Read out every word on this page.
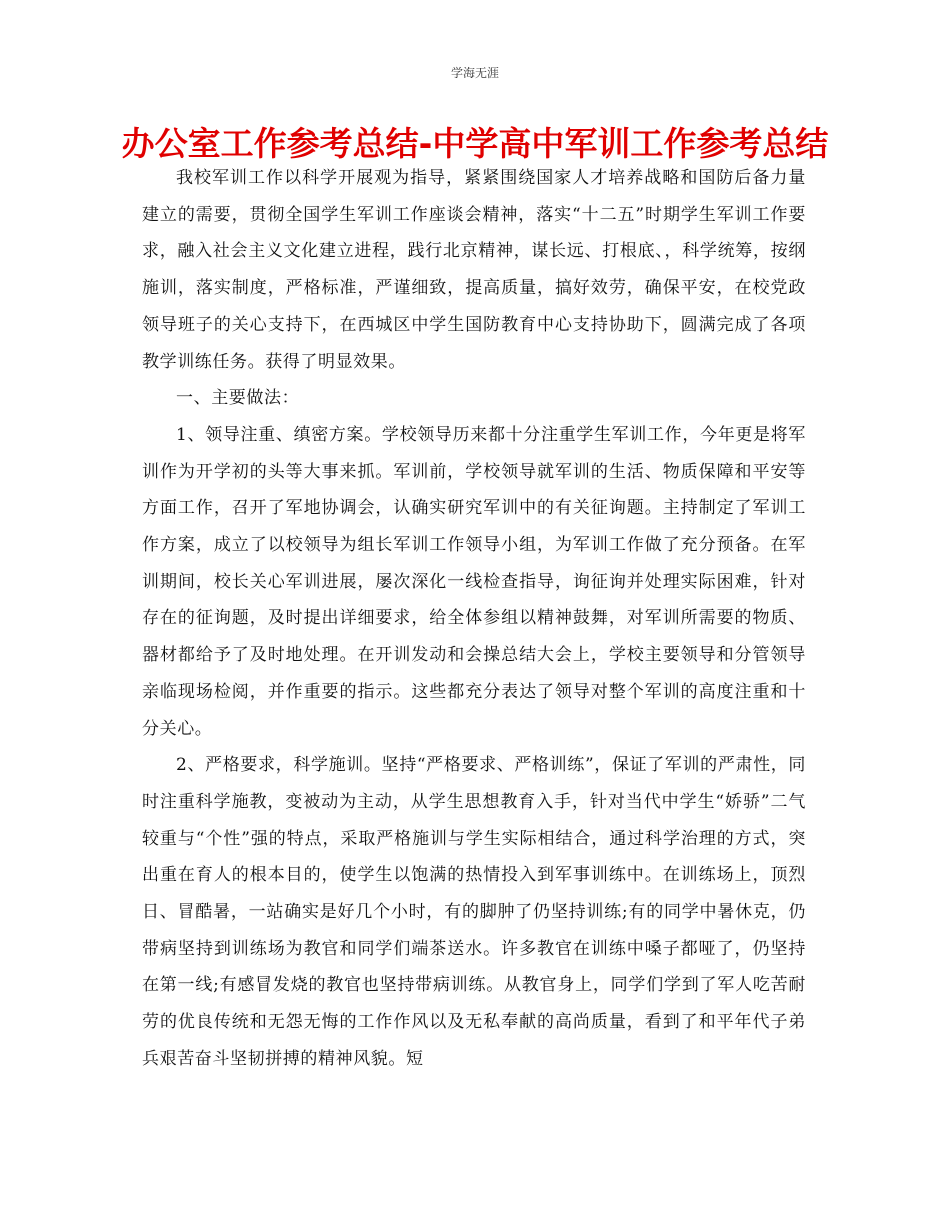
学海无涯
办公室工作参考总结-中学高中军训工作参考总结

我校军训工作以科学开展观为指导，紧紧围绕国家人才培养战略和国防后备力量建立的需要，贯彻全国学生军训工作座谈会精神，落实“十二五”时期学生军训工作要求，融入社会主义文化建立进程，践行北京精神，谋长远、打根底、，科学统筹，按纲施训，落实制度，严格标准，严谨细致，提高质量，搞好效劳，确保平安，在校党政领导班子的关心支持下，在西城区中学生国防教育中心支持协助下，圆满完成了各项教学训练任务。获得了明显效果。

一、主要做法：

1、领导注重、缜密方案。学校领导历来都十分注重学生军训工作，今年更是将军训作为开学初的头等大事来抓。军训前，学校领导就军训的生活、物质保障和平安等方面工作，召开了军地协调会，认确实研究军训中的有关征询题。主持制定了军训工作方案，成立了以校领导为组长军训工作领导小组，为军训工作做了充分预备。在军训期间，校长关心军训进展，屡次深化一线检查指导，询征询并处理实际困难，针对存在的征询题，及时提出详细要求，给全体参组以精神鼓舞，对军训所需要的物质、器材都给予了及时地处理。在开训发动和会操总结大会上，学校主要领导和分管领导亲临现场检阅，并作重要的指示。这些都充分表达了领导对整个军训的高度注重和十分关心。

2、严格要求，科学施训。坚持“严格要求、严格训练”，保证了军训的严肃性，同时注重科学施教，变被动为主动，从学生思想教育入手，针对当代中学生“娇骄”二气较重与“个性”强的特点，采取严格施训与学生实际相结合，通过科学治理的方式，突出重在育人的根本目的，使学生以饱满的热情投入到军事训练中。在训练场上，顶烈日、冒酷暑，一站确实是好几个小时，有的脚肿了仍坚持训练;有的同学中暑休克，仍带病坚持到训练场为教官和同学们端茶送水。许多教官在训练中嗓子都哑了，仍坚持在第一线;有感冒发烧的教官也坚持带病训练。从教官身上，同学们学到了军人吃苦耐劳的优良传统和无怨无悔的工作作风以及无私奉献的高尚质量，看到了和平年代子弟兵艰苦奋斗坚韧拼搏的精神风貌。短
